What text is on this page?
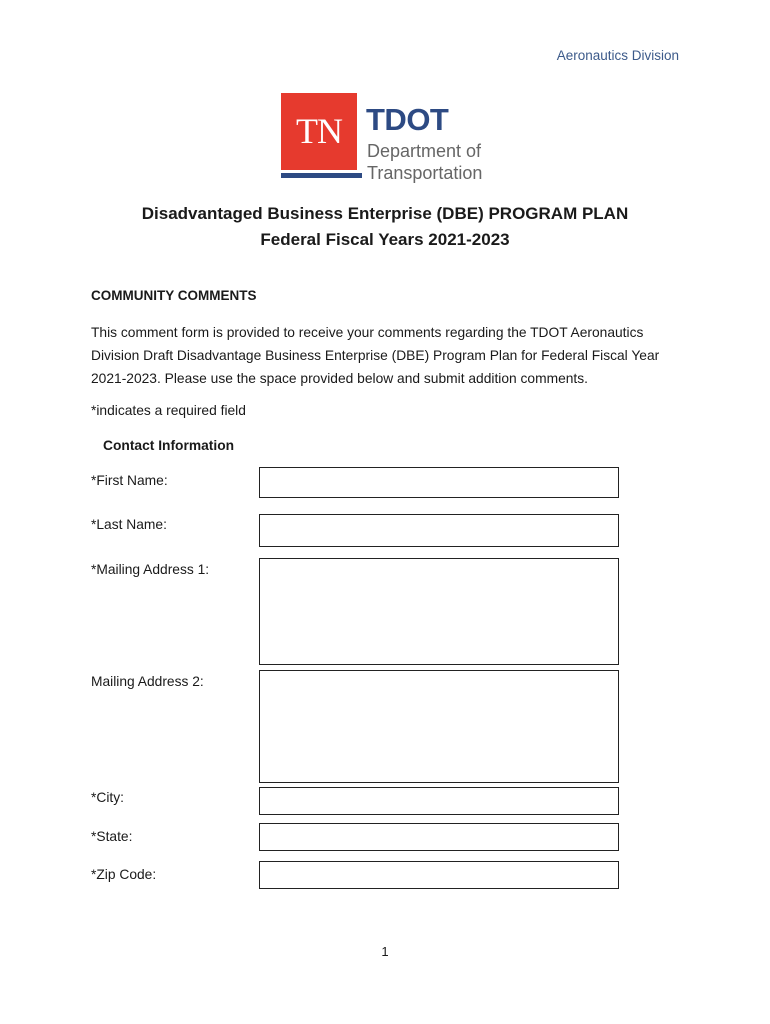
Aeronautics Division
TN TDOT
Department of
Transportation
Disadvantaged Business Enterprise (DBE) PROGRAM PLAN
Federal Fiscal Years 2021-2023
COMMUNITY COMMENTS
This comment form is provided to receive your comments regarding the TDOT Aeronautics Division Draft Disadvantage Business Enterprise (DBE) Program Plan for Federal Fiscal Year 2021-2023. Please use the space provided below and submit addition comments.
*indicates a required field
Contact Information
*First Name:
*Last Name:
*Mailing Address 1:
Mailing Address 2:
*City:
*State:
*Zip Code:
1
